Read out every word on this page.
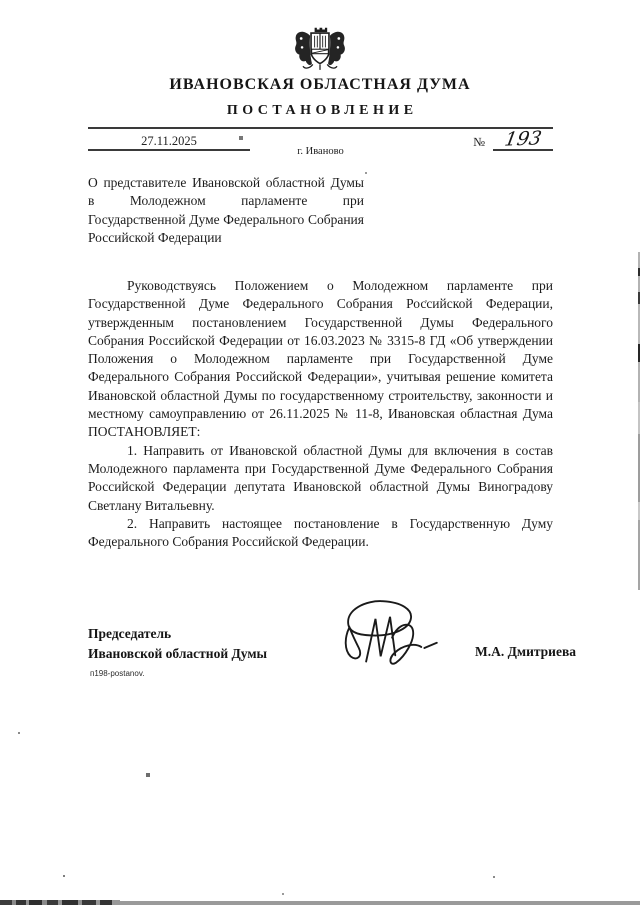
ИВАНОВСКАЯ ОБЛАСТНАЯ ДУМА
ПОСТАНОВЛЕНИЕ
27.11.2025	№ 193
г. Иваново
О представителе Ивановской областной Думы в Молодежном парламенте при Государственной Думе Федерального Собрания Российской Федерации

Руководствуясь Положением о Молодежном парламенте при Государственной Думе Федерального Собрания Российской Федерации, утвержденным постановлением Государственной Думы Федерального Собрания Российской Федерации от 16.03.2023 № 3315-8 ГД «Об утверждении Положения о Молодежном парламенте при Государственной Думе Федерального Собрания Российской Федерации», учитывая решение комитета Ивановской областной Думы по государственному строительству, законности и местному самоуправлению от 26.11.2025 № 11-8, Ивановская областная Дума ПОСТАНОВЛЯЕТ:

1. Направить от Ивановской областной Думы для включения в состав Молодежного парламента при Государственной Думе Федерального Собрания Российской Федерации депутата Ивановской областной Думы Виноградову Светлану Витальевну.

2. Направить настоящее постановление в Государственную Думу Федерального Собрания Российской Федерации.

Председатель
Ивановской областной Думы	М.А. Дмитриева
п198-postanov.
